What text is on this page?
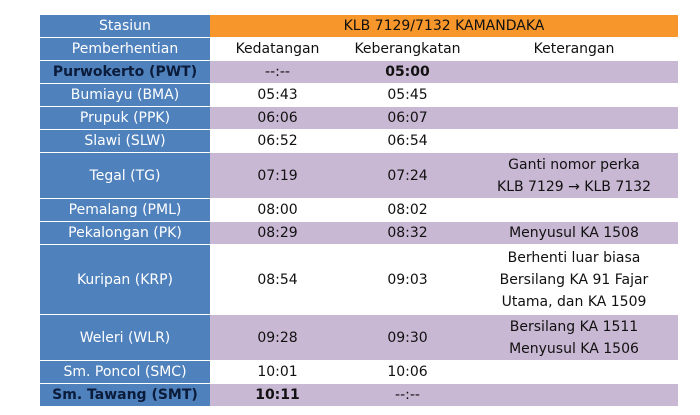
Stasiun	KLB 7129/7132 KAMANDAKA		
Pemberhentian	Kedatangan	Keberangkatan	Keterangan
Purwokerto (PWT)	--:--	05:00	
Bumiayu (BMA)	05:43	05:45	
Prupuk (PPK)	06:06	06:07	
Slawi (SLW)	06:52	06:54	
Tegal (TG)	07:19	07:24	Ganti nomor perka
KLB 7129 → KLB 7132

Pemalang (PML)	08:00	08:02	
Pekalongan (PK)	08:29	08:32	Menyusul KA 1508

Kuripan (KRP)	08:54	09:03	Berhenti luar biasa
Bersilang KA 91 Fajar
Utama, dan KA 1509

Weleri (WLR)	09:28	09:30	Bersilang KA 1511
Menyusul KA 1506

Sm. Poncol (SMC)	10:01	10:06	
Sm. Tawang (SMT)	10:11	--:--	
